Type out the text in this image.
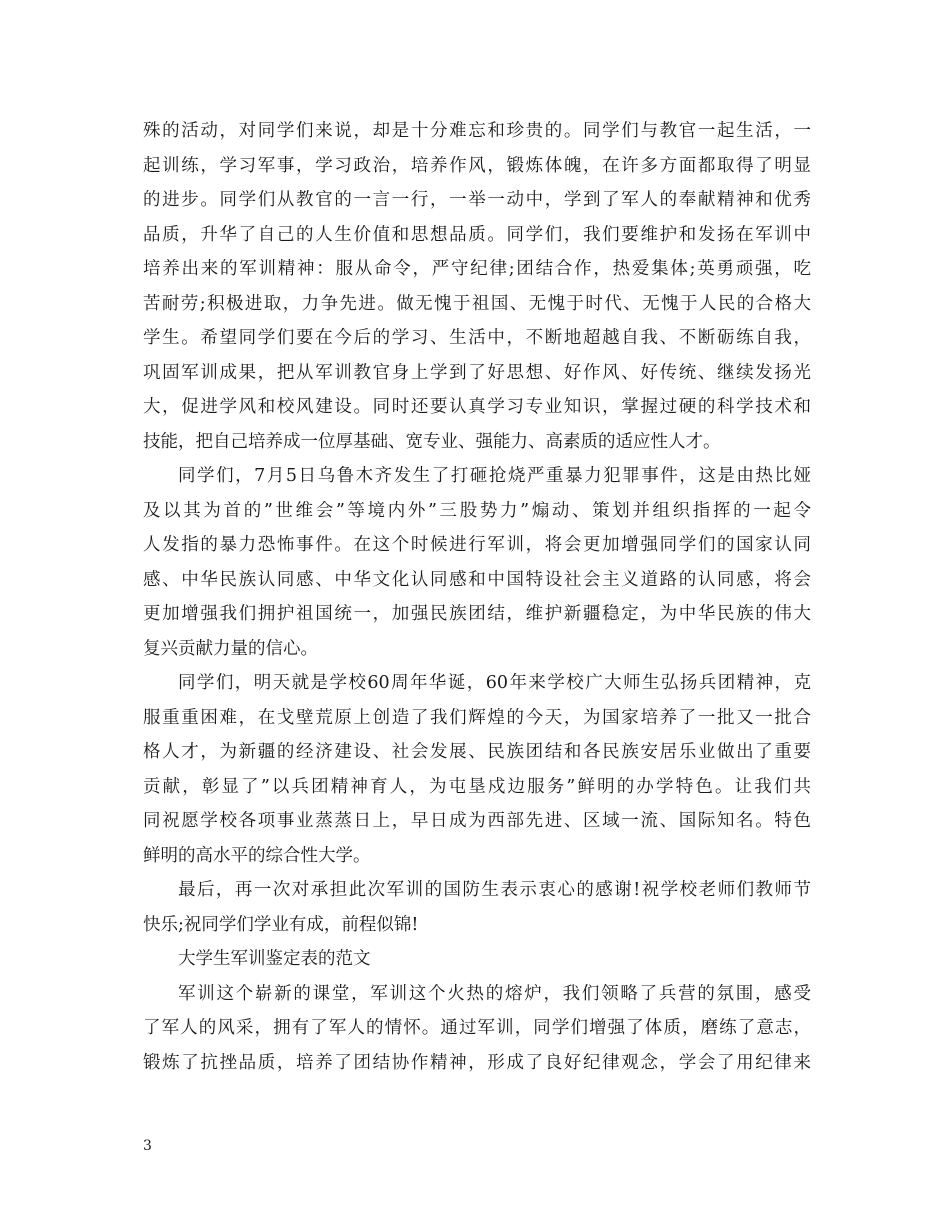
殊的活动，对同学们来说，却是十分难忘和珍贵的。同学们与教官一起生活，一
起训练，学习军事，学习政治，培养作风，锻炼体魄，在许多方面都取得了明显
的进步。同学们从教官的一言一行，一举一动中，学到了军人的奉献精神和优秀
品质，升华了自己的人生价值和思想品质。同学们，我们要维护和发扬在军训中
培养出来的军训精神：服从命令，严守纪律;团结合作，热爱集体;英勇顽强，吃
苦耐劳;积极进取，力争先进。做无愧于祖国、无愧于时代、无愧于人民的合格大
学生。希望同学们要在今后的学习、生活中，不断地超越自我、不断砺练自我，
巩固军训成果，把从军训教官身上学到了好思想、好作风、好传统、继续发扬光
大，促进学风和校风建设。同时还要认真学习专业知识，掌握过硬的科学技术和
技能，把自己培养成一位厚基础、宽专业、强能力、高素质的适应性人才。
同学们，7月5日乌鲁木齐发生了打砸抢烧严重暴力犯罪事件，这是由热比娅
及以其为首的”世维会”等境内外”三股势力”煽动、策划并组织指挥的一起令
人发指的暴力恐怖事件。在这个时候进行军训，将会更加增强同学们的国家认同
感、中华民族认同感、中华文化认同感和中国特设社会主义道路的认同感，将会
更加增强我们拥护祖国统一，加强民族团结，维护新疆稳定，为中华民族的伟大
复兴贡献力量的信心。
同学们，明天就是学校60周年华诞，60年来学校广大师生弘扬兵团精神，克
服重重困难，在戈壁荒原上创造了我们辉煌的今天，为国家培养了一批又一批合
格人才，为新疆的经济建设、社会发展、民族团结和各民族安居乐业做出了重要
贡献，彰显了”以兵团精神育人，为屯垦戍边服务”鲜明的办学特色。让我们共
同祝愿学校各项事业蒸蒸日上，早日成为西部先进、区域一流、国际知名。特色
鲜明的高水平的综合性大学。
最后，再一次对承担此次军训的国防生表示衷心的感谢!祝学校老师们教师节
快乐;祝同学们学业有成，前程似锦!
大学生军训鉴定表的范文
军训这个崭新的课堂，军训这个火热的熔炉，我们领略了兵营的氛围，感受
了军人的风采，拥有了军人的情怀。通过军训，同学们增强了体质，磨练了意志，
锻炼了抗挫品质，培养了团结协作精神，形成了良好纪律观念，学会了用纪律来
3
